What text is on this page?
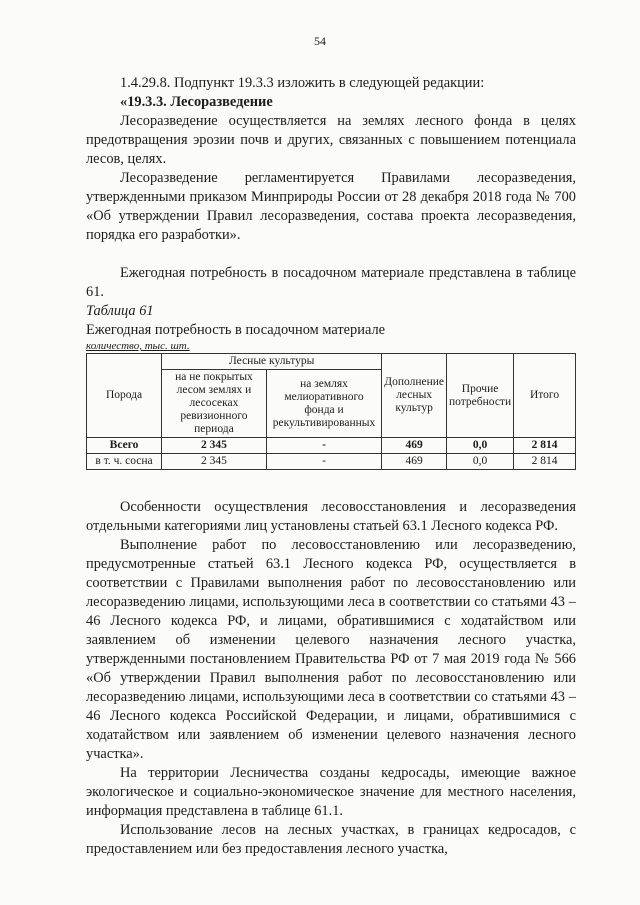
54

1.4.29.8. Подпункт 19.3.3 изложить в следующей редакции:

«19.3.3. Лесоразведение

Лесоразведение осуществляется на землях лесного фонда в целях предотвращения эрозии почв и других, связанных с повышением потенциала лесов, целях.

Лесоразведение регламентируется Правилами лесоразведения, утвержденными приказом Минприроды России от 28 декабря 2018 года № 700 «Об утверждении Правил лесоразведения, состава проекта лесоразведения, порядка его разработки».

Ежегодная потребность в посадочном материале представлена в таблице 61.

Таблица 61

Ежегодная потребность в посадочном материале

количество, тыс. шт.

Порода	Лесные культуры		Дополнение лесных культур	Прочие потребности	Итого
	на не покрытых лесом землях и лесосеках ревизионного периода	на землях мелиоративного фонда и рекультивированных			
Всего	2 345	-	469	0,0	2 814
в т. ч. сосна	2 345	-	469	0,0	2 814

Особенности осуществления лесовосстановления и лесоразведения отдельными категориями лиц установлены статьей 63.1 Лесного кодекса РФ.

Выполнение работ по лесовосстановлению или лесоразведению, предусмотренные статьей 63.1 Лесного кодекса РФ, осуществляется в соответствии с Правилами выполнения работ по лесовосстановлению или лесоразведению лицами, использующими леса в соответствии со статьями 43 – 46 Лесного кодекса РФ, и лицами, обратившимися с ходатайством или заявлением об изменении целевого назначения лесного участка, утвержденными постановлением Правительства РФ от 7 мая 2019 года № 566 «Об утверждении Правил выполнения работ по лесовосстановлению или лесоразведению лицами, использующими леса в соответствии со статьями 43 – 46 Лесного кодекса Российской Федерации, и лицами, обратившимися с ходатайством или заявлением об изменении целевого назначения лесного участка».

На территории Лесничества созданы кедросады, имеющие важное экологическое и социально-экономическое значение для местного населения, информация представлена в таблице 61.1.

Использование лесов на лесных участках, в границах кедросадов, с предоставлением или без предоставления лесного участка,
